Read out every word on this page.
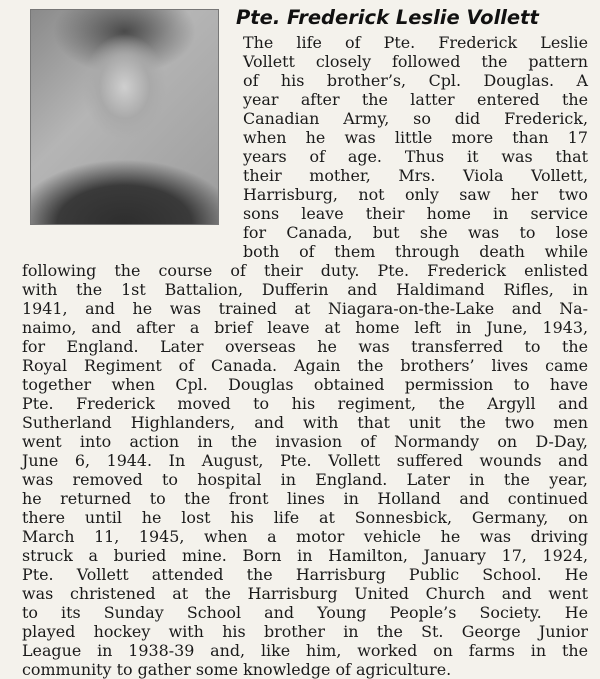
Pte. Frederick Leslie Vollett
The life of Pte. Frederick Leslie
Vollett closely followed the pattern
of his brother’s, Cpl. Douglas. A
year after the latter entered the
Canadian Army, so did Frederick,
when he was little more than 17
years of age. Thus it was that
their mother, Mrs. Viola Vollett,
Harrisburg, not only saw her two
sons leave their home in service
for Canada, but she was to lose
both of them through death while
following the course of their duty. Pte. Frederick enlisted
with the 1st Battalion, Dufferin and Haldimand Rifles, in
1941, and he was trained at Niagara-on-the-Lake and Na-
naimo, and after a brief leave at home left in June, 1943,
for England. Later overseas he was transferred to the
Royal Regiment of Canada. Again the brothers’ lives came
together when Cpl. Douglas obtained permission to have
Pte. Frederick moved to his regiment, the Argyll and
Sutherland Highlanders, and with that unit the two men
went into action in the invasion of Normandy on D-Day,
June 6, 1944. In August, Pte. Vollett suffered wounds and
was removed to hospital in England. Later in the year,
he returned to the front lines in Holland and continued
there until he lost his life at Sonnesbick, Germany, on
March 11, 1945, when a motor vehicle he was driving
struck a buried mine. Born in Hamilton, January 17, 1924,
Pte. Vollett attended the Harrisburg Public School. He
was christened at the Harrisburg United Church and went
to its Sunday School and Young People’s Society. He
played hockey with his brother in the St. George Junior
League in 1938-39 and, like him, worked on farms in the
community to gather some knowledge of agriculture.
